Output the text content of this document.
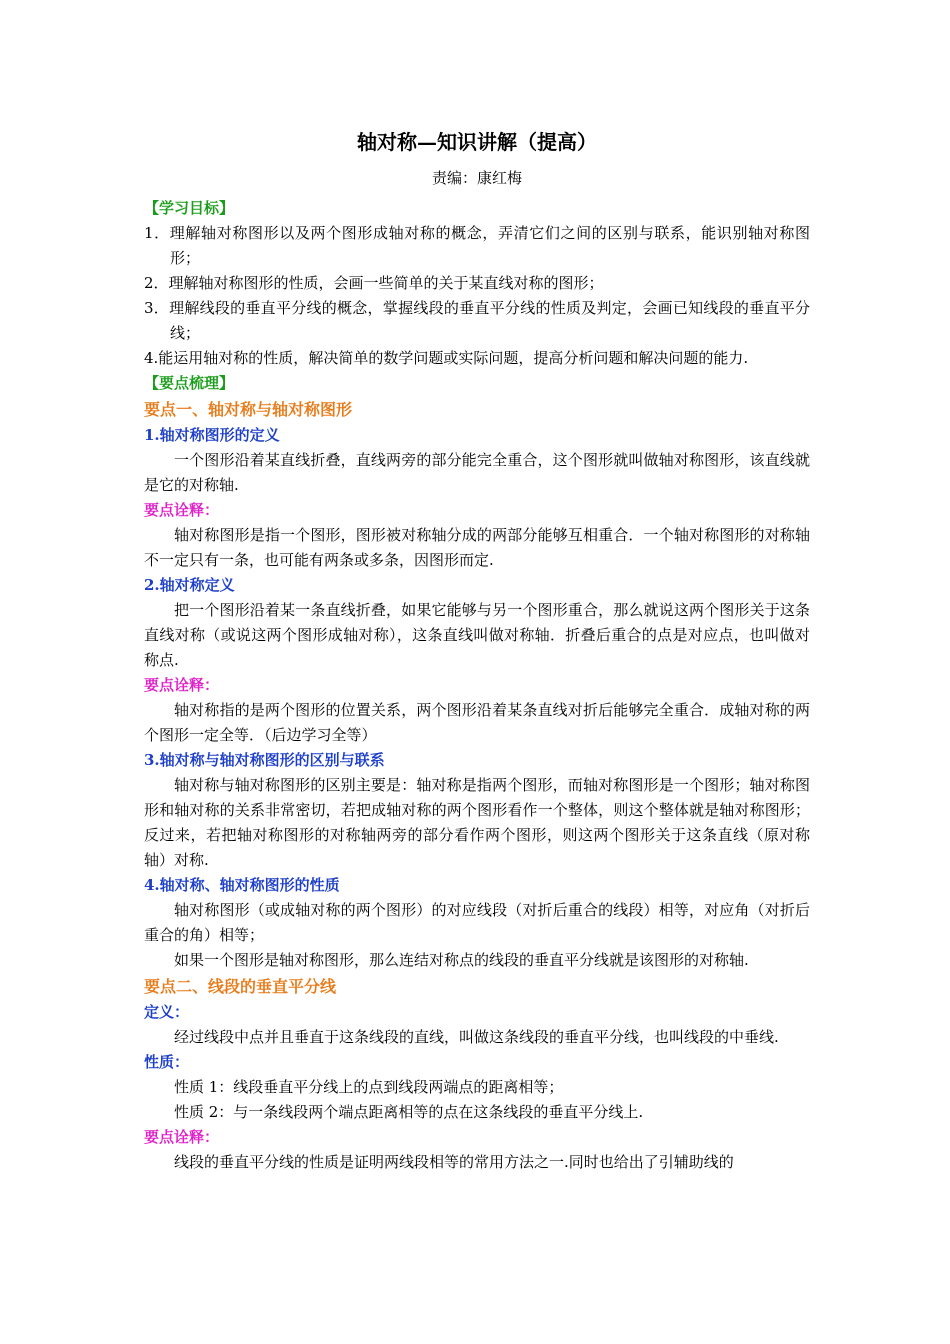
轴对称—知识讲解（提高）

责编：康红梅

【学习目标】

1．理解轴对称图形以及两个图形成轴对称的概念，弄清它们之间的区别与联系，能识别轴对称图形；

2．理解轴对称图形的性质，会画一些简单的关于某直线对称的图形；

3．理解线段的垂直平分线的概念，掌握线段的垂直平分线的性质及判定，会画已知线段的垂直平分线；

4.能运用轴对称的性质，解决简单的数学问题或实际问题，提高分析问题和解决问题的能力.

【要点梳理】

要点一、轴对称与轴对称图形

1.轴对称图形的定义

一个图形沿着某直线折叠，直线两旁的部分能完全重合，这个图形就叫做轴对称图形，该直线就是它的对称轴.

要点诠释：

轴对称图形是指一个图形，图形被对称轴分成的两部分能够互相重合．一个轴对称图形的对称轴不一定只有一条，也可能有两条或多条，因图形而定.

2.轴对称定义

把一个图形沿着某一条直线折叠，如果它能够与另一个图形重合，那么就说这两个图形关于这条直线对称（或说这两个图形成轴对称），这条直线叫做对称轴．折叠后重合的点是对应点，也叫做对称点.

要点诠释：

轴对称指的是两个图形的位置关系，两个图形沿着某条直线对折后能够完全重合．成轴对称的两个图形一定全等．（后边学习全等）

3.轴对称与轴对称图形的区别与联系

轴对称与轴对称图形的区别主要是：轴对称是指两个图形，而轴对称图形是一个图形；轴对称图形和轴对称的关系非常密切，若把成轴对称的两个图形看作一个整体，则这个整体就是轴对称图形；反过来，若把轴对称图形的对称轴两旁的部分看作两个图形，则这两个图形关于这条直线（原对称轴）对称.

4.轴对称、轴对称图形的性质

轴对称图形（或成轴对称的两个图形）的对应线段（对折后重合的线段）相等，对应角（对折后重合的角）相等；

如果一个图形是轴对称图形，那么连结对称点的线段的垂直平分线就是该图形的对称轴.

要点二、线段的垂直平分线

定义：

经过线段中点并且垂直于这条线段的直线，叫做这条线段的垂直平分线，也叫线段的中垂线.

性质：

性质 1：线段垂直平分线上的点到线段两端点的距离相等；

性质 2：与一条线段两个端点距离相等的点在这条线段的垂直平分线上.

要点诠释：

线段的垂直平分线的性质是证明两线段相等的常用方法之一.同时也给出了引辅助线的
